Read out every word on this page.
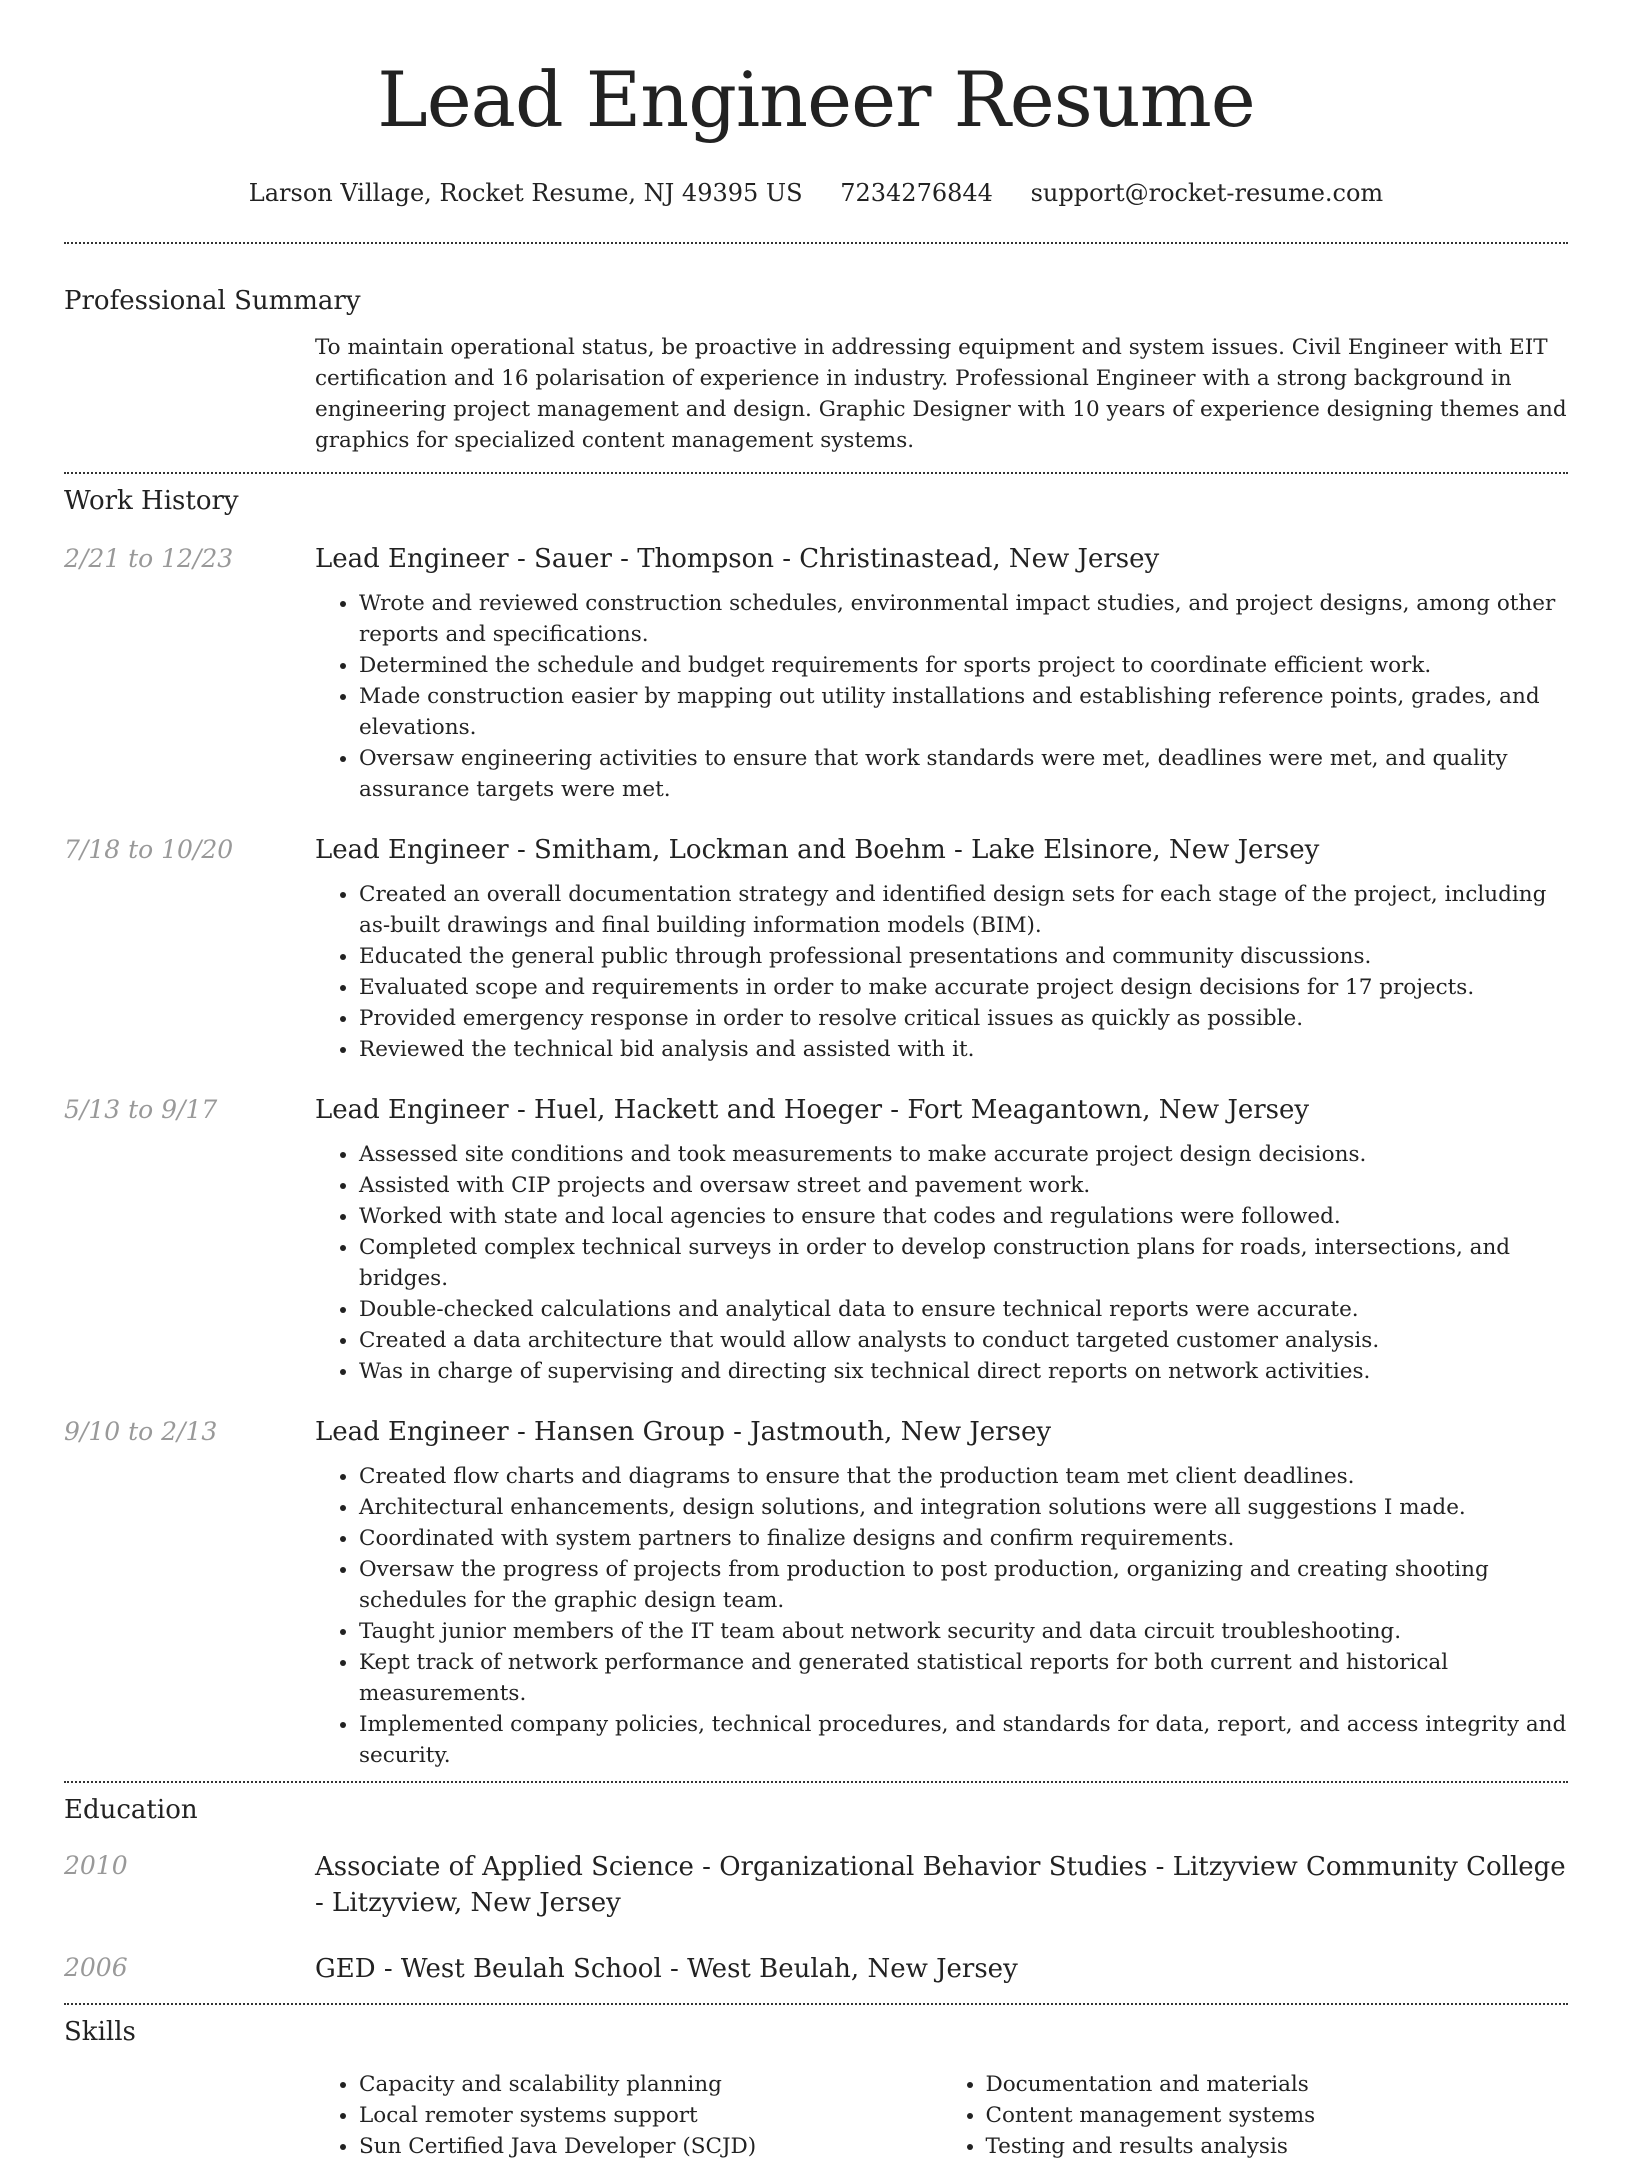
Lead Engineer Resume
Larson Village, Rocket Resume, NJ 49395 US 7234276844 support@rocket-resume.com
Professional Summary
To maintain operational status, be proactive in addressing equipment and system issues. Civil Engineer with EIT certification and 16 polarisation of experience in industry. Professional Engineer with a strong background in engineering project management and design. Graphic Designer with 10 years of experience designing themes and graphics for specialized content management systems.
Work History
2/21 to 12/23	Lead Engineer - Sauer - Thompson - Christinastead, New Jersey
• Wrote and reviewed construction schedules, environmental impact studies, and project designs, among other reports and specifications.
• Determined the schedule and budget requirements for sports project to coordinate efficient work.
• Made construction easier by mapping out utility installations and establishing reference points, grades, and elevations.
• Oversaw engineering activities to ensure that work standards were met, deadlines were met, and quality assurance targets were met.
7/18 to 10/20	Lead Engineer - Smitham, Lockman and Boehm - Lake Elsinore, New Jersey
• Created an overall documentation strategy and identified design sets for each stage of the project, including as-built drawings and final building information models (BIM).
• Educated the general public through professional presentations and community discussions.
• Evaluated scope and requirements in order to make accurate project design decisions for 17 projects.
• Provided emergency response in order to resolve critical issues as quickly as possible.
• Reviewed the technical bid analysis and assisted with it.
5/13 to 9/17	Lead Engineer - Huel, Hackett and Hoeger - Fort Meagantown, New Jersey
• Assessed site conditions and took measurements to make accurate project design decisions.
• Assisted with CIP projects and oversaw street and pavement work.
• Worked with state and local agencies to ensure that codes and regulations were followed.
• Completed complex technical surveys in order to develop construction plans for roads, intersections, and bridges.
• Double-checked calculations and analytical data to ensure technical reports were accurate.
• Created a data architecture that would allow analysts to conduct targeted customer analysis.
• Was in charge of supervising and directing six technical direct reports on network activities.
9/10 to 2/13	Lead Engineer - Hansen Group - Jastmouth, New Jersey
• Created flow charts and diagrams to ensure that the production team met client deadlines.
• Architectural enhancements, design solutions, and integration solutions were all suggestions I made.
• Coordinated with system partners to finalize designs and confirm requirements.
• Oversaw the progress of projects from production to post production, organizing and creating shooting schedules for the graphic design team.
• Taught junior members of the IT team about network security and data circuit troubleshooting.
• Kept track of network performance and generated statistical reports for both current and historical measurements.
• Implemented company policies, technical procedures, and standards for data, report, and access integrity and security.
Education
2010	Associate of Applied Science - Organizational Behavior Studies - Litzyview Community College - Litzyview, New Jersey
2006	GED - West Beulah School - West Beulah, New Jersey
Skills
• Capacity and scalability planning
• Local remoter systems support
• Sun Certified Java Developer (SCJD)
• Documentation and materials
• Content management systems
• Testing and results analysis
